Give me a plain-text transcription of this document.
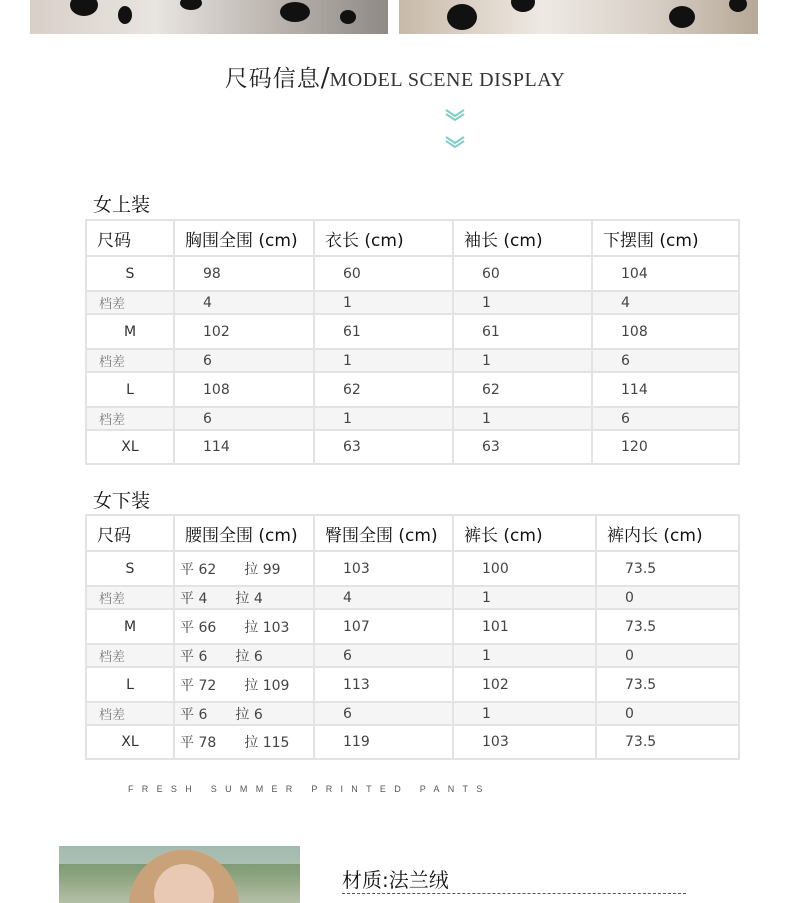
尺码信息/MODEL SCENE DISPLAY
女上装
尺码	胸围全围 (cm)	衣长 (cm)	袖长 (cm)	下摆围 (cm)
S	98	60	60	104
档差	4	1	1	4
M	102	61	61	108
档差	6	1	1	6
L	108	62	62	114
档差	6	1	1	6
XL	114	63	63	120
女下装
尺码	腰围全围 (cm)	臀围全围 (cm)	裤长 (cm)	裤内长 (cm)
S	平 62 拉 99	103	100	73.5
档差	平 4 拉 4	4	1	0
M	平 66 拉 103	107	101	73.5
档差	平 6 拉 6	6	1	0
L	平 72 拉 109	113	102	73.5
档差	平 6 拉 6	6	1	0
XL	平 78 拉 115	119	103	73.5
FRESH SUMMER PRINTED PANTS
材质:法兰绒
